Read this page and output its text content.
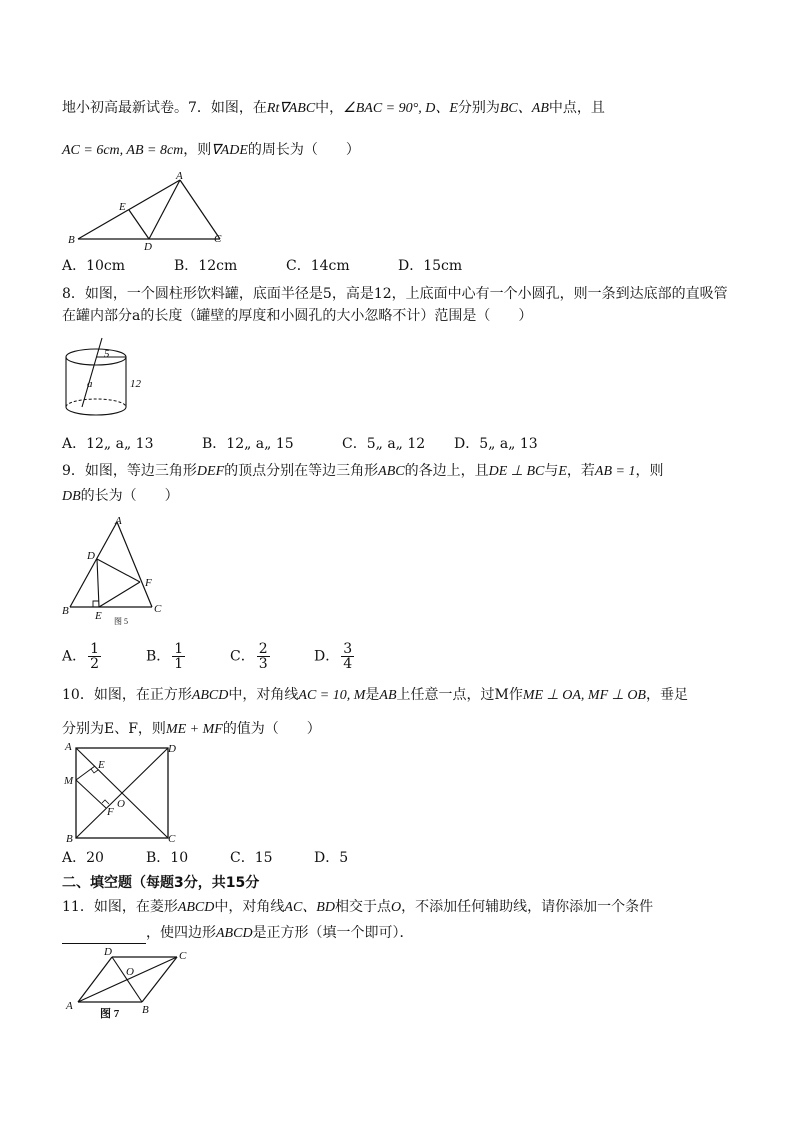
地小初高最新试卷。7．如图，在Rt∇ABC中，∠BAC = 90°, D、E分别为BC、AB中点，且
AC = 6cm, AB = 8cm，则∇ADE的周长为（　　）
A
E
B
D
C
A．10cm	B．12cm	C．14cm	D．15cm
8．如图，一个圆柱形饮料罐，底面半径是5，高是12，上底面中心有一个小圆孔，则一条到达底部的直吸管
在罐内部分a的长度（罐壁的厚度和小圆孔的大小忽略不计）范围是（　　）
5
a	12
A．12„ a„ 13	B．12„ a„ 15	C．5„ a„ 12 D．5„ a„ 13
9．如图，等边三角形DEF的顶点分别在等边三角形ABC的各边上，且DE ⊥ BC与E，若AB = 1，则
DB的长为（　　）
A
D
F
B E
C
图 5
A． $\frac{1}{2}$	B． $\frac{1}{1}$	C． $\frac{2}{3}$	D． $\frac{3}{4}$
10．如图，在正方形ABCD中，对角线AC = 10, M是AB上任意一点，过M作ME ⊥ OA, MF ⊥ OB，垂足
分别为E、F，则ME + MF的值为（　　）
A	D
E
M
O
F
B	C
A．20	B．10	C．15	D．5
二、填空题（每题3分，共15分
11．如图，在菱形ABCD中，对角线AC、BD相交于点O，不添加任何辅助线，请你添加一个条件
，使四边形ABCD是正方形（填一个即可）．
D	C
O
A
图 7 B
